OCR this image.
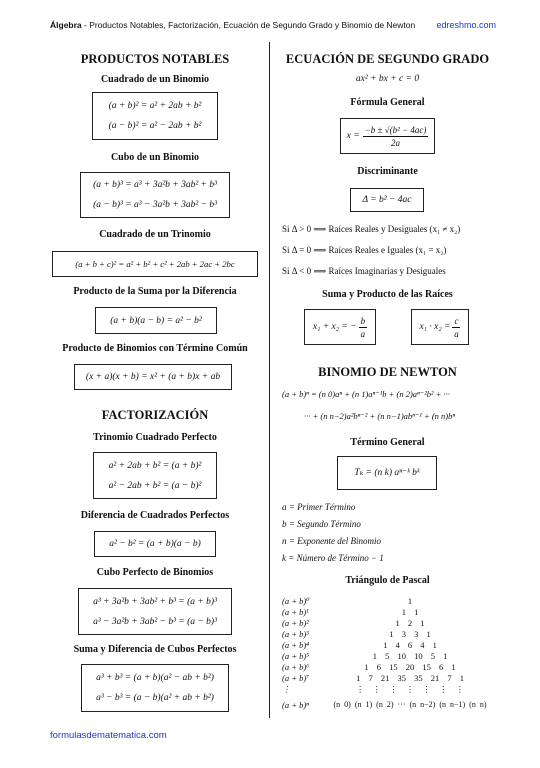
Álgebra - Productos Notables, Factorización, Ecuación de Segundo Grado y Binomio de Newton edreshmo.com
PRODUCTOS NOTABLES
Cuadrado de un Binomio
(a + b)² = a² + 2ab + b²
(a − b)² = a² − 2ab + b²
Cubo de un Binomio
(a + b)³ = a³ + 3a²b + 3ab² + b³
(a − b)³ = a³ − 3a²b + 3ab² − b³
Cuadrado de un Trinomio
(a + b + c)² = a² + b² + c² + 2ab + 2ac + 2bc
Producto de la Suma por la Diferencia
(a + b)(a − b) = a² − b²
Producto de Binomios con Término Común
(x + a)(x + b) = x² + (a + b)x + ab
FACTORIZACIÓN
Trinomio Cuadrado Perfecto
a² + 2ab + b² = (a + b)²
a² − 2ab + b² = (a − b)²
Diferencia de Cuadrados Perfectos
a² − b² = (a + b)(a − b)
Cubo Perfecto de Binomios
a³ + 3a²b + 3ab² + b³ = (a + b)³
a³ − 3a²b + 3ab² − b³ = (a − b)³
Suma y Diferencia de Cubos Perfectos
a³ + b³ = (a + b)(a² − ab + b²)
a³ − b³ = (a − b)(a² + ab + b²)
ECUACIÓN DE SEGUNDO GRADO
ax² + bx + c = 0
Fórmula General
$x = \frac{\text{−b ± √(b² − 4ac)}}{2a}$
Discriminante
Δ = b² − 4ac
Si Δ > 0 ⟹ Raíces Reales y Desiguales (x₁ ≠ x₂)
Si Δ = 0 ⟹ Raíces Reales e Iguales (x₁ = x₂)
Si Δ < 0 ⟹ Raíces Imaginarias y Desiguales
Suma y Producto de las Raíces
x₁ + x₂ = − $\frac{b}{a}$	$x_1 \cdot x_2 = \frac{c}{a}$
BINOMIO DE NEWTON
(a + b)ⁿ = (n 0)aⁿ + (n 1)aⁿ⁻¹b + (n 2)aⁿ⁻²b² + ···
··· + (n n−2)a²bⁿ⁻² + (n n−1)abⁿ⁻¹ + (n n)bⁿ
Término General
Tₖ = (n k) aⁿ⁻ᵏ bᵏ
a = Primer Término
b = Segundo Término
n = Exponente del Binomio
k = Número de Término − 1
Triángulo de Pascal
(a + b)⁰	1
(a + b)¹	1 1
(a + b)²	1 2 1
(a + b)³	1 3 3 1
(a + b)⁴	1 4 6 4 1
(a + b)⁵	1 5 10 10 5 1
(a + b)⁶	1 6 15 20 15 6 1
(a + b)⁷	1 7 21 35 35 21 7 1
⋮	⋮ ⋮ ⋮ ⋮ ⋮ ⋮ ⋮
(a + b)ⁿ	(n 0) (n 1) (n 2) ··· (n n−2) (n n−1) (n n)
formulasdematematica.com
